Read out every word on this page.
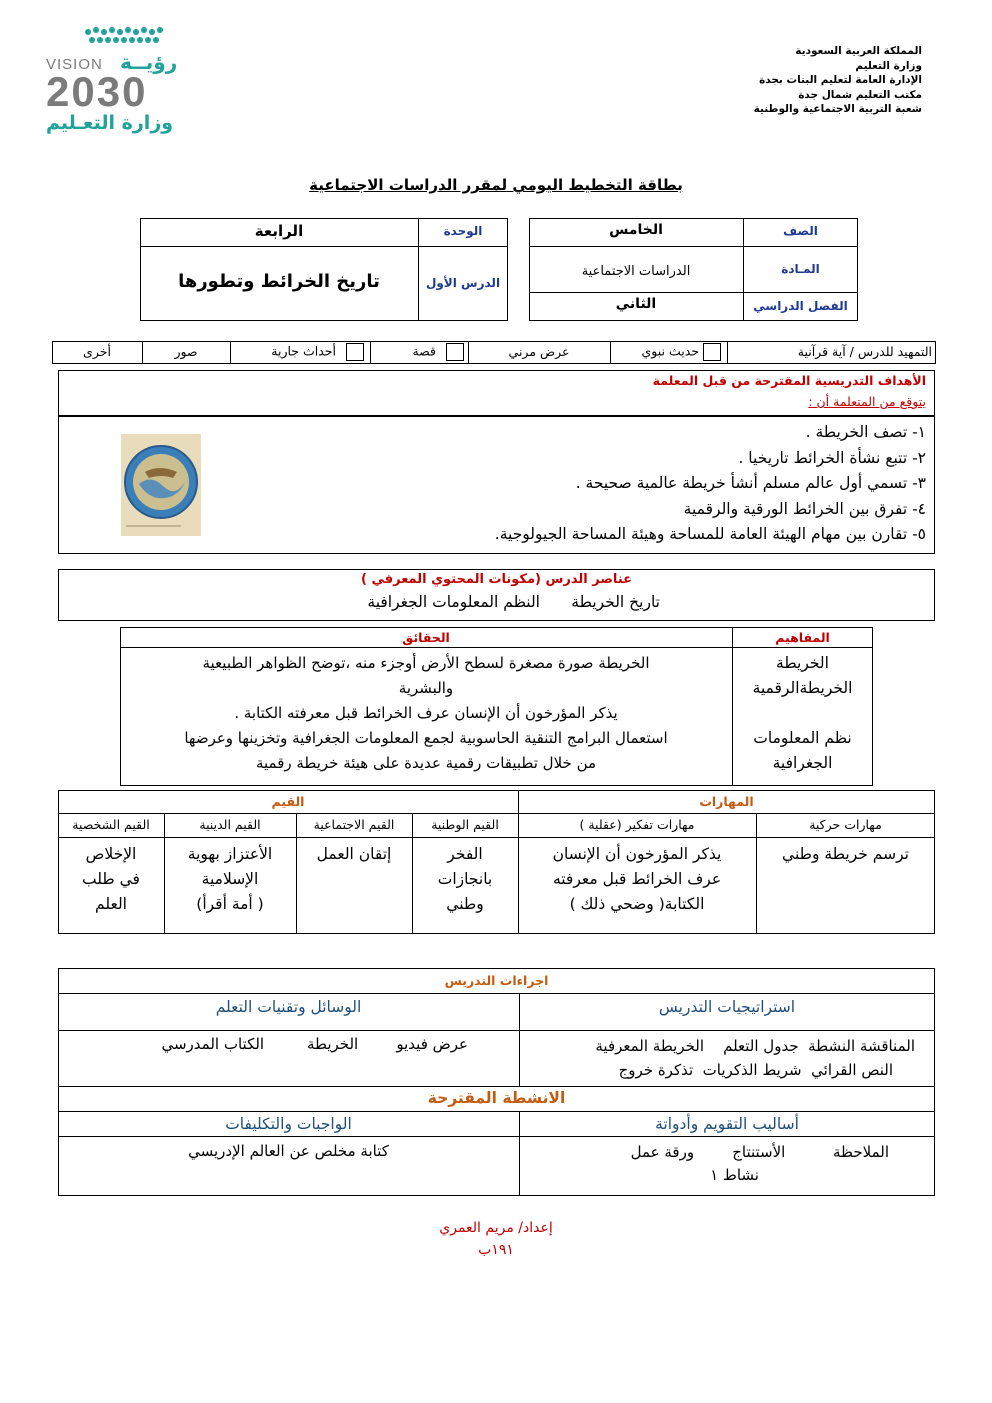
VISION رؤيــة
2030
وزارة التعـليم
المملكة العربية السعودية
وزارة التعليم
الإدارة العامة لتعليم البنات بجدة
مكتب التعليم شمال جدة
شعبة التربية الاجتماعية والوطنية
بطاقة التخطيط اليومي لمقرر الدراسات الاجتماعية
الوحدة
الرابعة
الدرس الأول
تاريخ الخرائط وتطورها
الصف
الخامس
المـادة
الدراسات الاجتماعية
الفصل الدراسي
الثاني
التمهيد للدرس / آية قرآنية
حديث نبوي
عرض مرني
قصة
أحداث جارية
صور
أخرى
الأهداف التدريسية المقترحة من قبل المعلمة
يتوقع من المتعلمة أن :
١- تصف الخريطة .
٢- تتبع نشأة الخرائط تاريخيا .
٣- تسمي أول عالم مسلم أنشأ خريطة عالمية صحيحة .
٤- تفرق بين الخرائط الورقية والرقمية
٥- تقارن بين مهام الهيئة العامة للمساحة وهيئة المساحة الجيولوجية.
عناصر الدرس (مكونات المحتوي المعرفي )
تاريخ الخريطة
النظم المعلومات الجغرافية
المفاهيم
الحقائق
الخريطة
الخريطةالرقمية
نظم المعلومات
الجغرافية
الخريطة صورة مصغرة لسطح الأرض أوجزء منه ،توضح الظواهر الطبيعية
والبشرية
يذكر المؤرخون أن الإنسان عرف الخرائط قبل معرفته الكتابة .
استعمال البرامج التنقية الحاسوبية لجمع المعلومات الجغرافية وتخزينها وعرضها
من خلال تطبيقات رقمية عديدة على هيئة خريطة رقمية
المهارات
القيم
مهارات حركية
مهارات تفكير (عقلية )
القيم الوطنية
القيم الاجتماعية
القيم الدينية
القيم الشخصية
ترسم خريطة وطني
يذكر المؤرخون أن الإنسان
عرف الخرائط قبل معرفته
الكتابة( وضحي ذلك )
الفخر
بانجازات
وطني
إتقان العمل
الأعتزاز بهوية
الإسلامية
( أمة أقرأ)
الإخلاص
في طلب
العلم
اجراءات التدريس
استراتيجيات التدريس
الوسائل وتقنيات التعلم
المناقشة النشطة  جدول التعلم    الخريطة المعرفية
النص القرائي  شريط الذكريات  تذكرة خروج
عرض فيديو        الخريطة         الكتاب المدرسي
الانشطة المقترحة
أساليب التقويم وأدواتة
الواجبات والتكليفات
الملاحظة          الأستنتاج        ورقة عمل
نشاط ١
كتابة مخلص عن العالم الإدريسي
إعداد/ مريم العمري
١٩١ب
